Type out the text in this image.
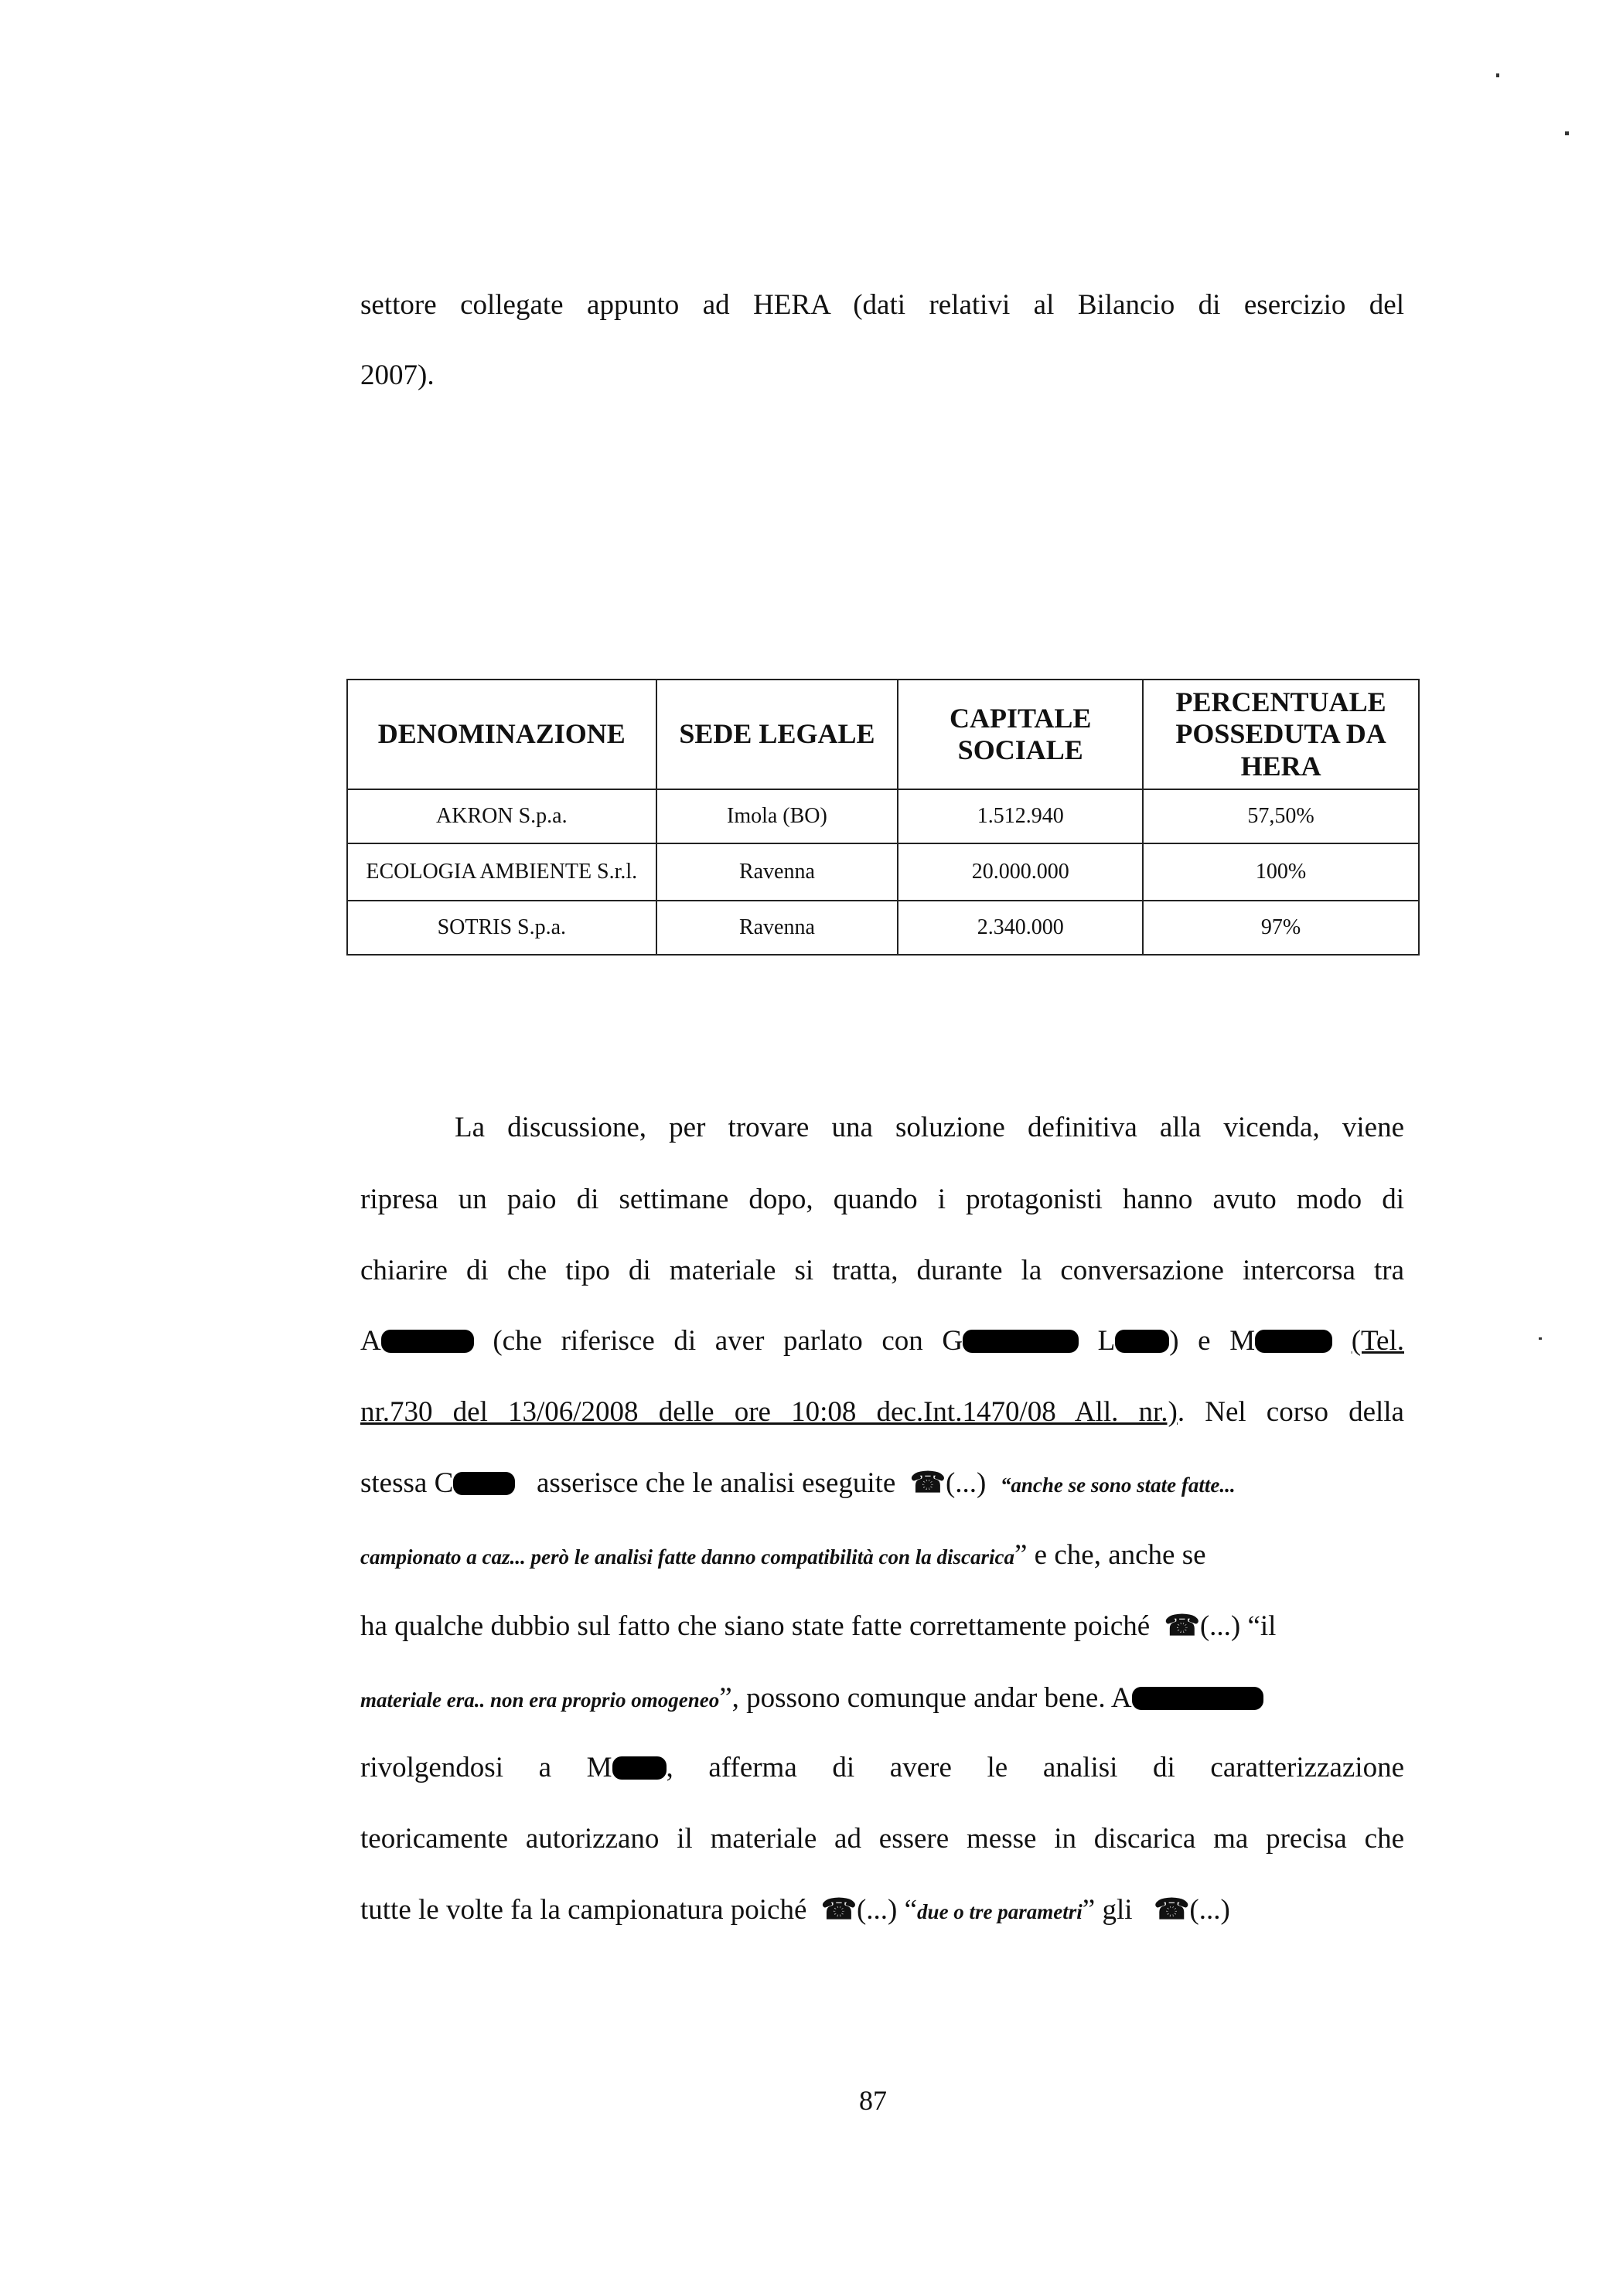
settore collegate appunto ad HERA (dati relativi al Bilancio di esercizio del
2007).
DENOMINAZIONE	SEDE LEGALE	CAPITALE SOCIALE	PERCENTUALE POSSEDUTA DA HERA
AKRON S.p.a.	Imola (BO)	1.512.940	57,50%
ECOLOGIA AMBIENTE S.r.l.	Ravenna	20.000.000	100%
SOTRIS S.p.a.	Ravenna	2.340.000	97%
La discussione, per trovare una soluzione definitiva alla vicenda, viene
ripresa un paio di settimane dopo, quando i protagonisti hanno avuto modo di
chiarire di che tipo di materiale si tratta, durante la conversazione intercorsa tra
A	(che riferisce di aver parlato con G	L ) e M	(Tel.
nr.730 del 13/06/2008 delle ore 10:08 dec.Int.1470/08 All. nr.). Nel corso della
stessa C	asserisce che le analisi eseguite ☎(...) “anche se sono state fatte...
campionato a caz... però le analisi fatte danno compatibilità con la discarica” e che, anche se
ha qualche dubbio sul fatto che siano state fatte correttamente poiché ☎(...) “il
materiale era.. non era proprio omogeneo”, possono comunque andar bene. A
rivolgendosi a M , afferma di avere le analisi di caratterizzazione
teoricamente autorizzano il materiale ad essere messe in discarica ma precisa che
tutte le volte fa la campionatura poiché ☎(...) “due o tre parametri” gli ☎(...)
87
